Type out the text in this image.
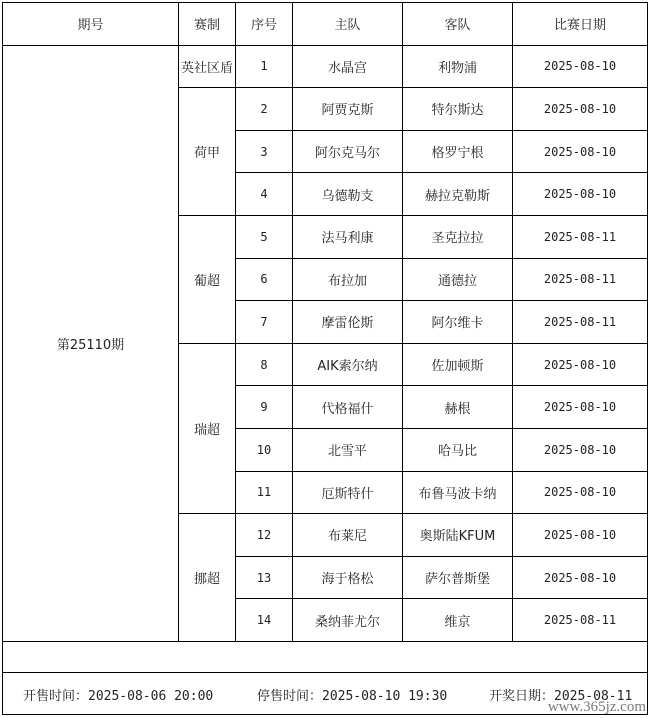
期号	赛制	序号	主队	客队	比赛日期
第25110期	英社区盾	1	水晶宫	利物浦	2025-08-10
	荷甲	2	阿贾克斯	特尔斯达	2025-08-10
		3	阿尔克马尔	格罗宁根	2025-08-10
		4	乌德勒支	赫拉克勒斯	2025-08-10
	葡超	5	法马利康	圣克拉拉	2025-08-11
		6	布拉加	通德拉	2025-08-11
		7	摩雷伦斯	阿尔维卡	2025-08-11
	瑞超	8	AIK索尔纳	佐加顿斯	2025-08-10
		9	代格福什	赫根	2025-08-10
		10	北雪平	哈马比	2025-08-10
		11	厄斯特什	布鲁马波卡纳	2025-08-10
	挪超	12	布莱尼	奥斯陆KFUM	2025-08-10
		13	海于格松	萨尔普斯堡	2025-08-10
		14	桑纳菲尤尔	维京	2025-08-11

开售时间：2025-08-06 20:00 停售时间：2025-08-10 19:30 开奖日期：2025-08-11					
www.365jz.com
